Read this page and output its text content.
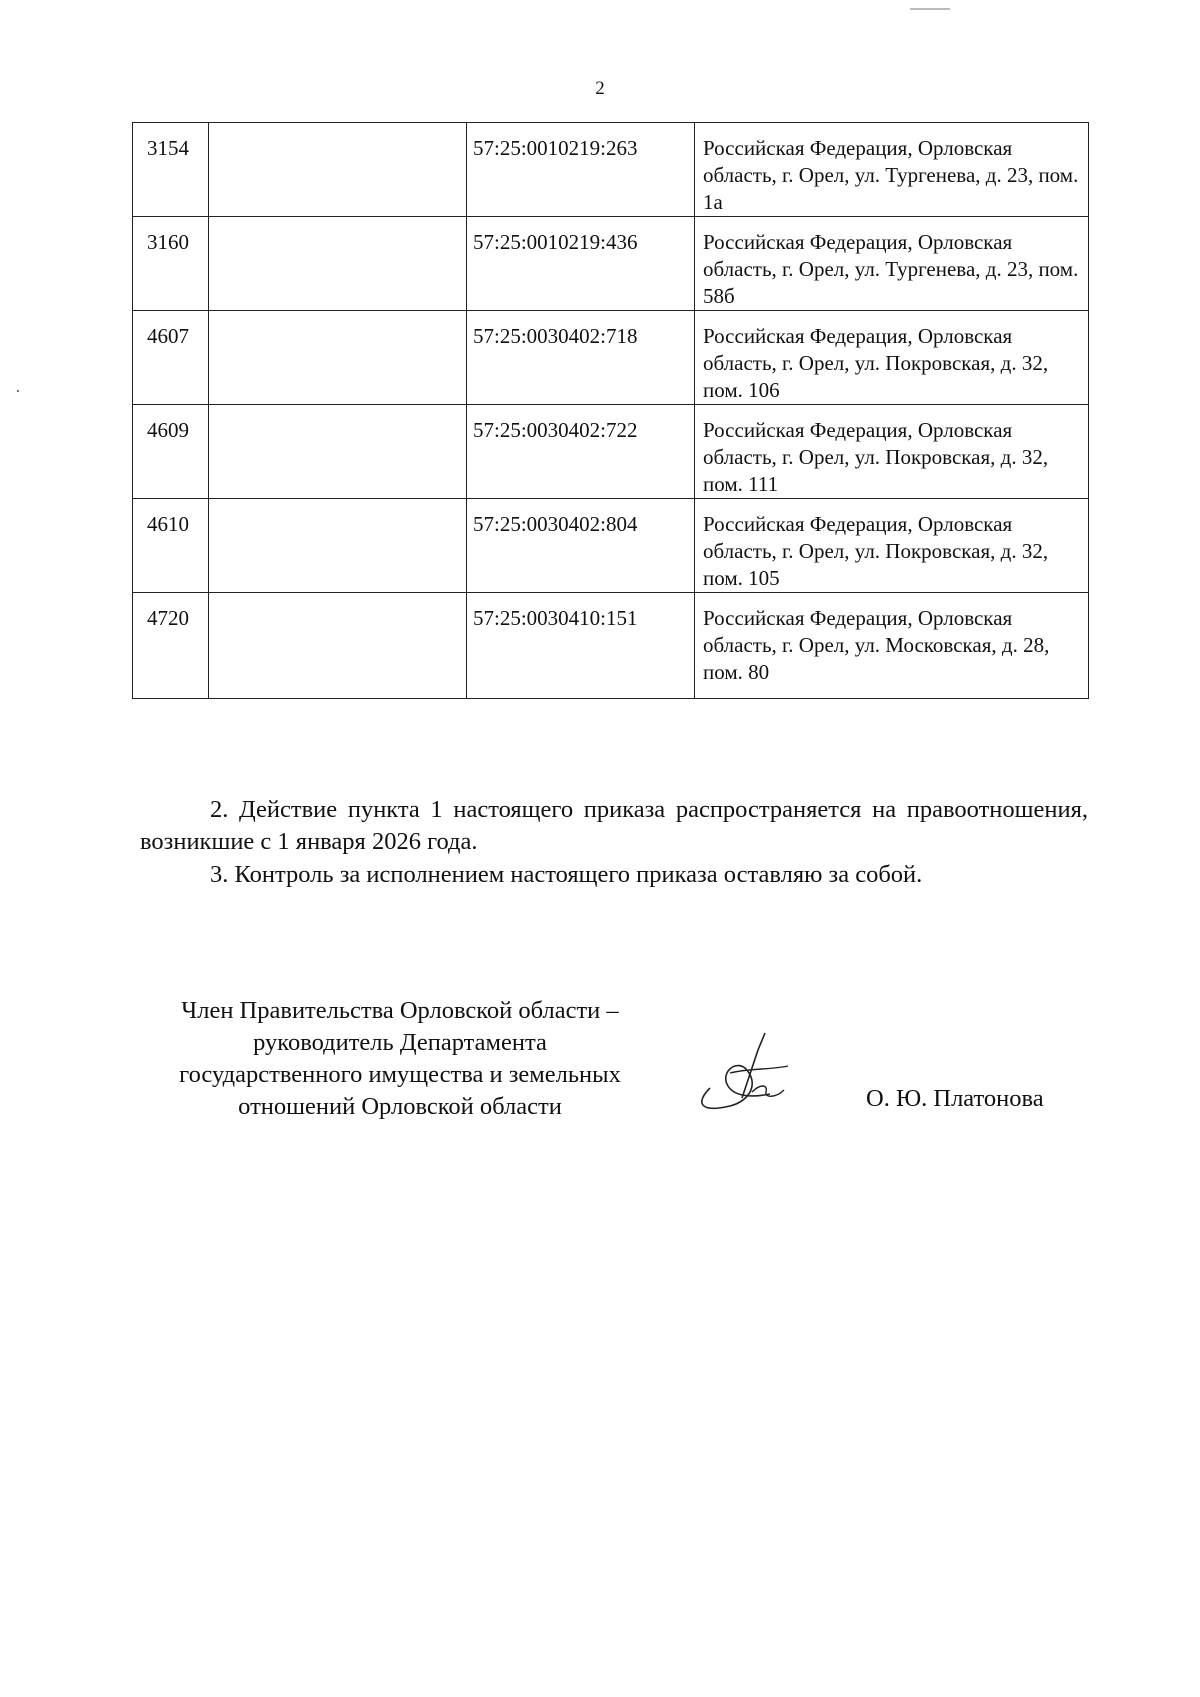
2
3154		57:25:0010219:263	Российская Федерация, Орловская область, г. Орел, ул. Тургенева, д. 23, пом. 1а
3160		57:25:0010219:436	Российская Федерация, Орловская область, г. Орел, ул. Тургенева, д. 23, пом. 58б
4607		57:25:0030402:718	Российская Федерация, Орловская область, г. Орел, ул. Покровская, д. 32, пом. 106
4609		57:25:0030402:722	Российская Федерация, Орловская область, г. Орел, ул. Покровская, д. 32, пом. 111
4610		57:25:0030402:804	Российская Федерация, Орловская область, г. Орел, ул. Покровская, д. 32, пом. 105
4720		57:25:0030410:151	Российская Федерация, Орловская область, г. Орел, ул. Московская, д. 28, пом. 80
2. Действие пункта 1 настоящего приказа распространяется на правоотношения, возникшие с 1 января 2026 года.
3. Контроль за исполнением настоящего приказа оставляю за собой.
Член Правительства Орловской области –
руководитель Департамента
государственного имущества и земельных
отношений Орловской области	О. Ю. Платонова
